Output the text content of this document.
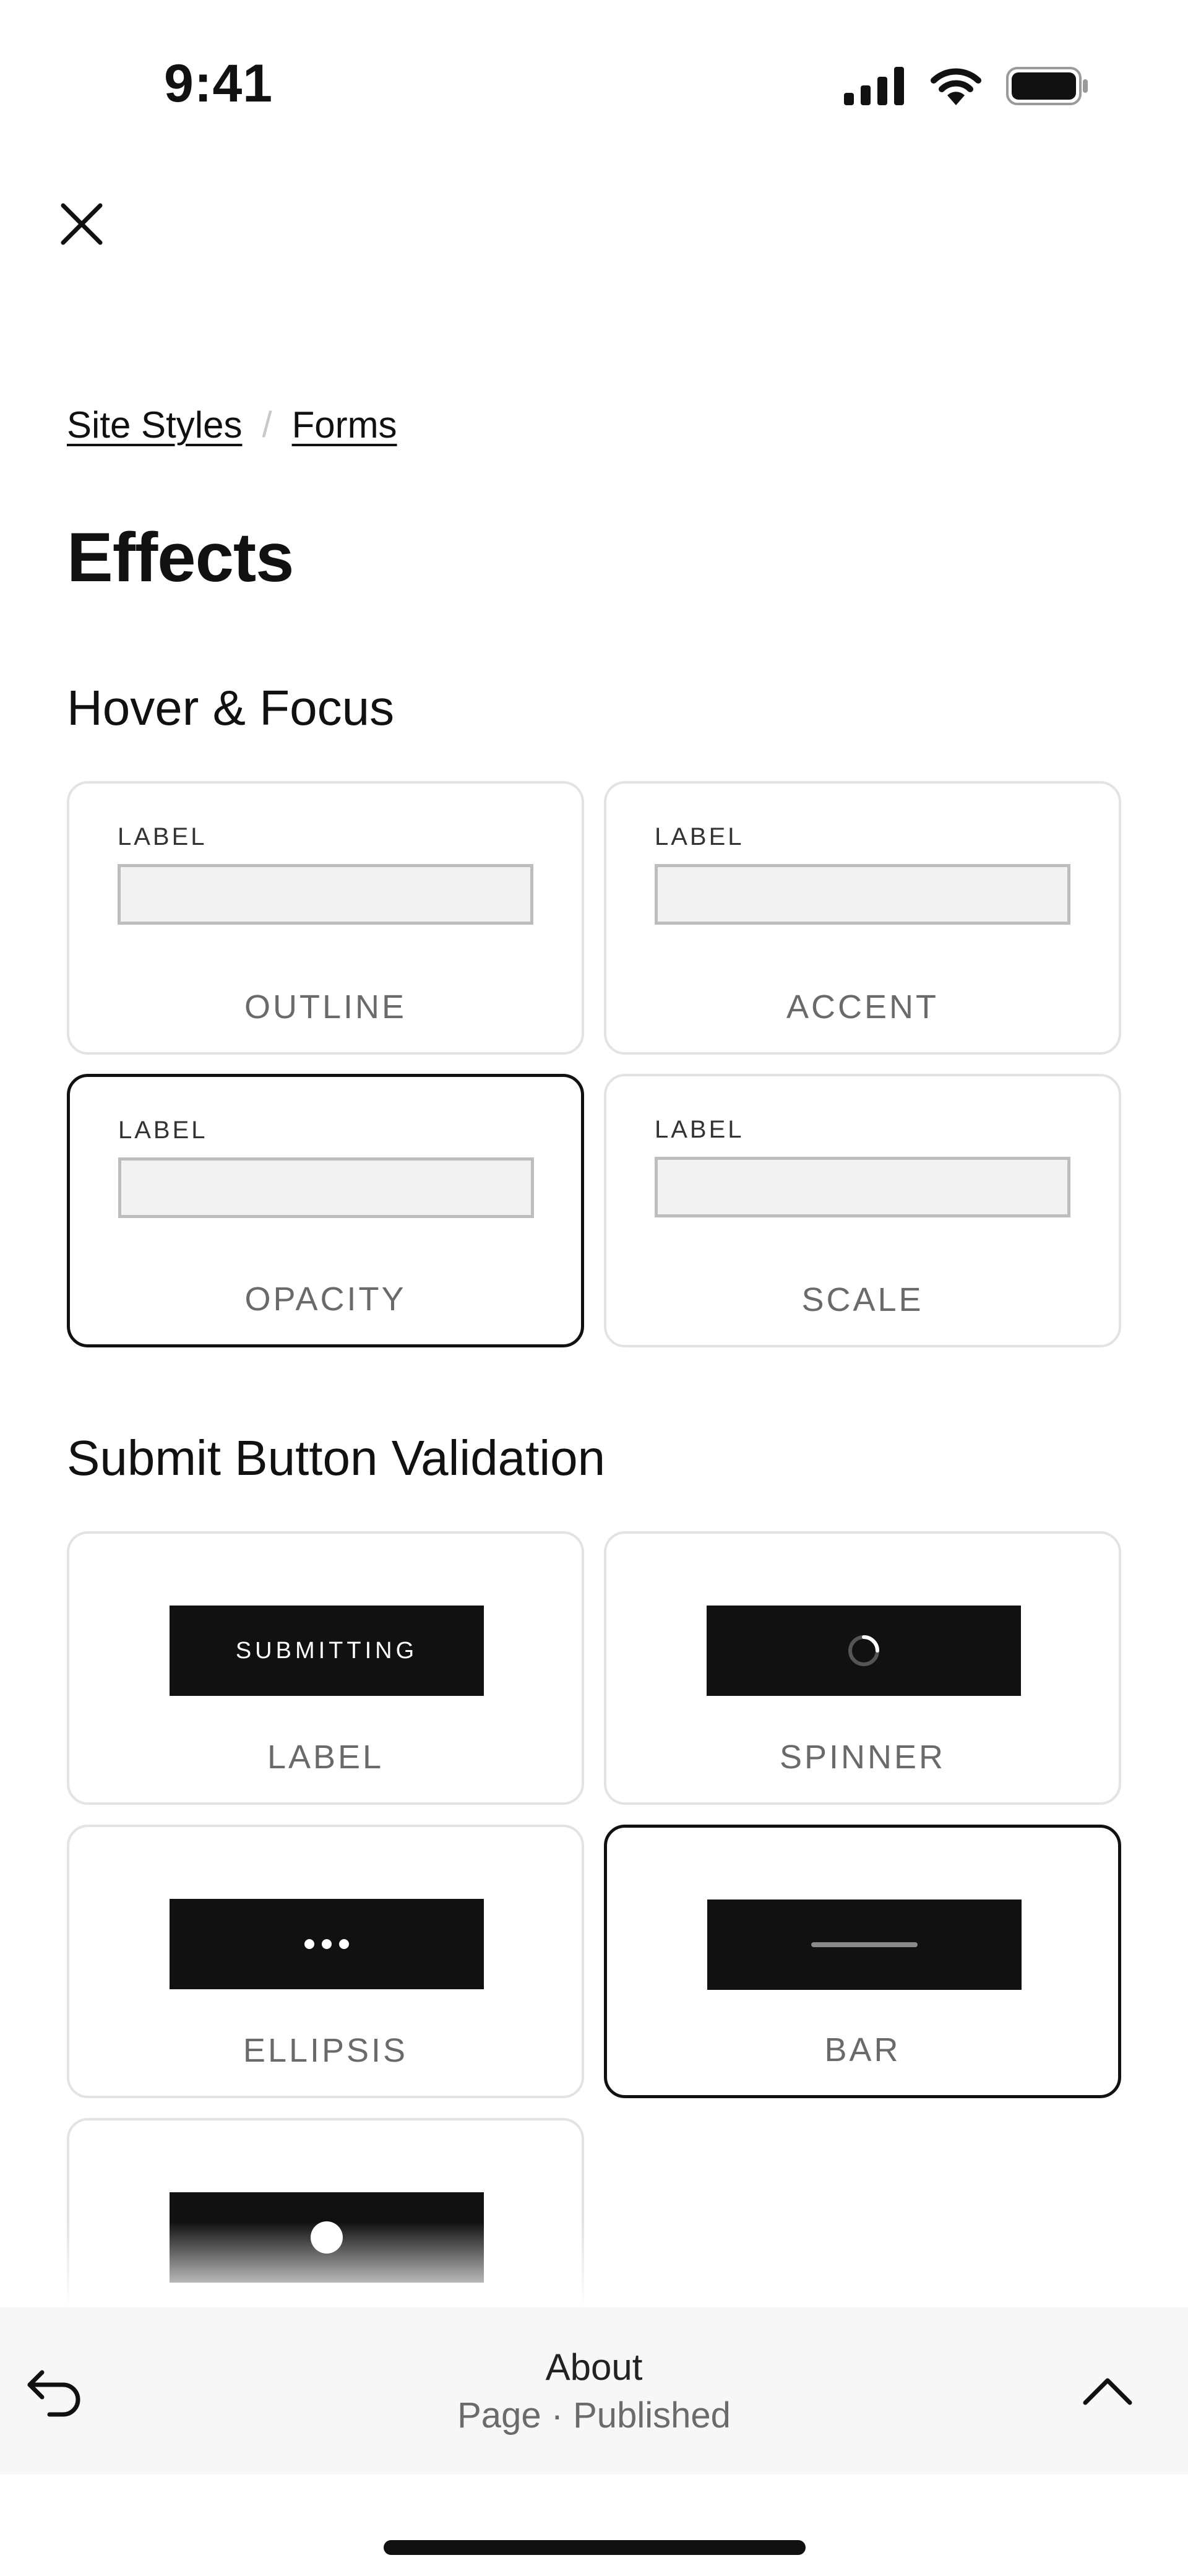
9:41
Site Styles / Forms
Effects
Hover & Focus
LABEL
OUTLINE
LABEL
ACCENT
LABEL
OPACITY
LABEL
SCALE
Submit Button Validation
SUBMITTING
LABEL	SPINNER
ELLIPSIS	BAR
About
Page · Published
